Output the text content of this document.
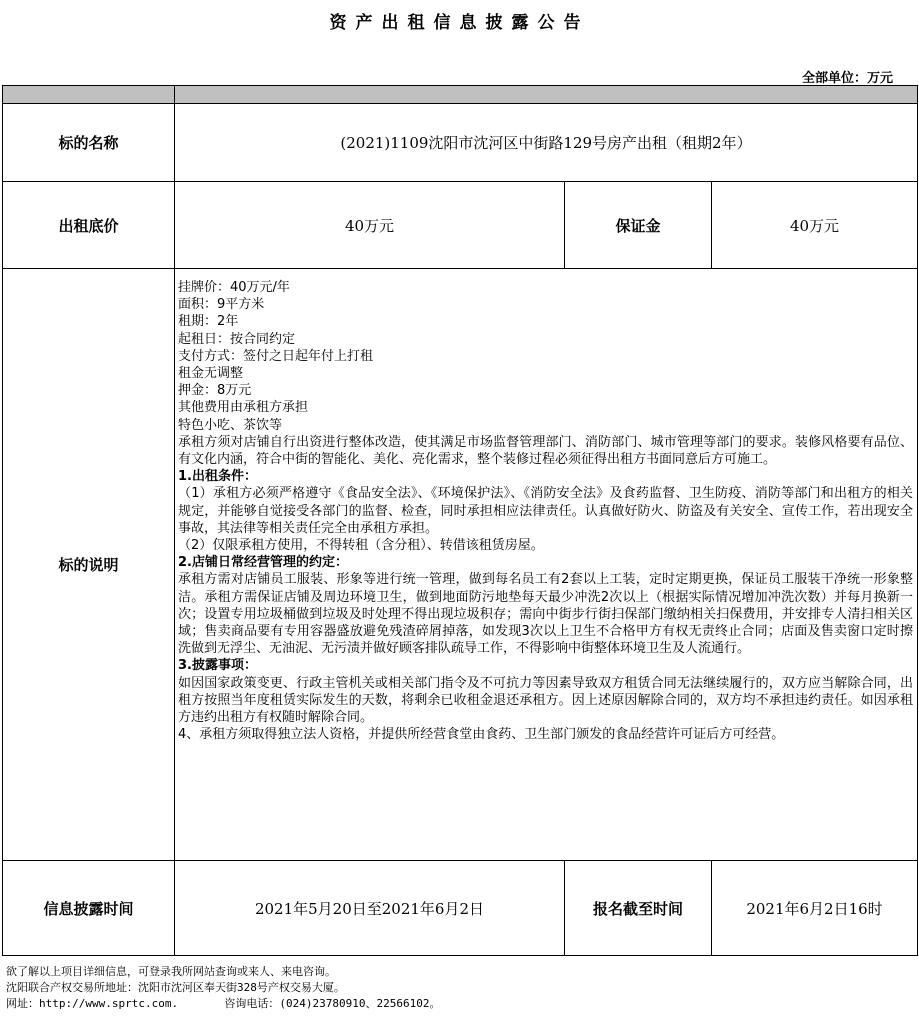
资产出租信息披露公告
全部单位：万元
标的名称	(2021)1109沈阳市沈河区中街路129号房产出租（租期2年）
出租底价	40万元	保证金	40万元
标的说明
挂牌价：40万元/年
面积：9平方米
租期：2年
起租日：按合同约定
支付方式：签付之日起年付上打租
租金无调整
押金：8万元
其他费用由承租方承担
特色小吃、茶饮等
承租方须对店铺自行出资进行整体改造，使其满足市场监督管理部门、消防部门、城市管理等部门的要求。装修风格要有品位、有文化内涵，符合中街的智能化、美化、亮化需求，整个装修过程必须征得出租方书面同意后方可施工。
1.出租条件：
（1）承租方必须严格遵守《食品安全法》、《环境保护法》、《消防安全法》及食药监督、卫生防疫、消防等部门和出租方的相关规定，并能够自觉接受各部门的监督、检查，同时承担相应法律责任。认真做好防火、防盗及有关安全、宣传工作，若出现安全事故，其法律等相关责任完全由承租方承担。
（2）仅限承租方使用，不得转租（含分租）、转借该租赁房屋。
2.店铺日常经营管理的约定：
承租方需对店铺员工服装、形象等进行统一管理，做到每名员工有2套以上工装，定时定期更换，保证员工服装干净统一形象整洁。承租方需保证店铺及周边环境卫生，做到地面防污地垫每天最少冲洗2次以上（根据实际情况增加冲洗次数）并每月换新一次；设置专用垃圾桶做到垃圾及时处理不得出现垃圾积存；需向中街步行街扫保部门缴纳相关扫保费用，并安排专人清扫相关区域；售卖商品要有专用容器盛放避免残渣碎屑掉落，如发现3次以上卫生不合格甲方有权无责终止合同；店面及售卖窗口定时擦洗做到无浮尘、无油泥、无污渍并做好顾客排队疏导工作，不得影响中街整体环境卫生及人流通行。
3.披露事项：
如因国家政策变更、行政主管机关或相关部门指令及不可抗力等因素导致双方租赁合同无法继续履行的，双方应当解除合同，出租方按照当年度租赁实际发生的天数，将剩余已收租金退还承租方。因上述原因解除合同的，双方均不承担违约责任。如因承租方违约出租方有权随时解除合同。
4、承租方须取得独立法人资格，并提供所经营食堂由食药、卫生部门颁发的食品经营许可证后方可经营。
信息披露时间	2021年5月20日至2021年6月2日	报名截至时间	2021年6月2日16时
欲了解以上项目详细信息，可登录我所网站查询或来人、来电咨询。
沈阳联合产权交易所地址：沈阳市沈河区奉天街328号产权交易大厦。
网址：http://www.sprtc.com.       咨询电话：(024)23780910、22566102。
